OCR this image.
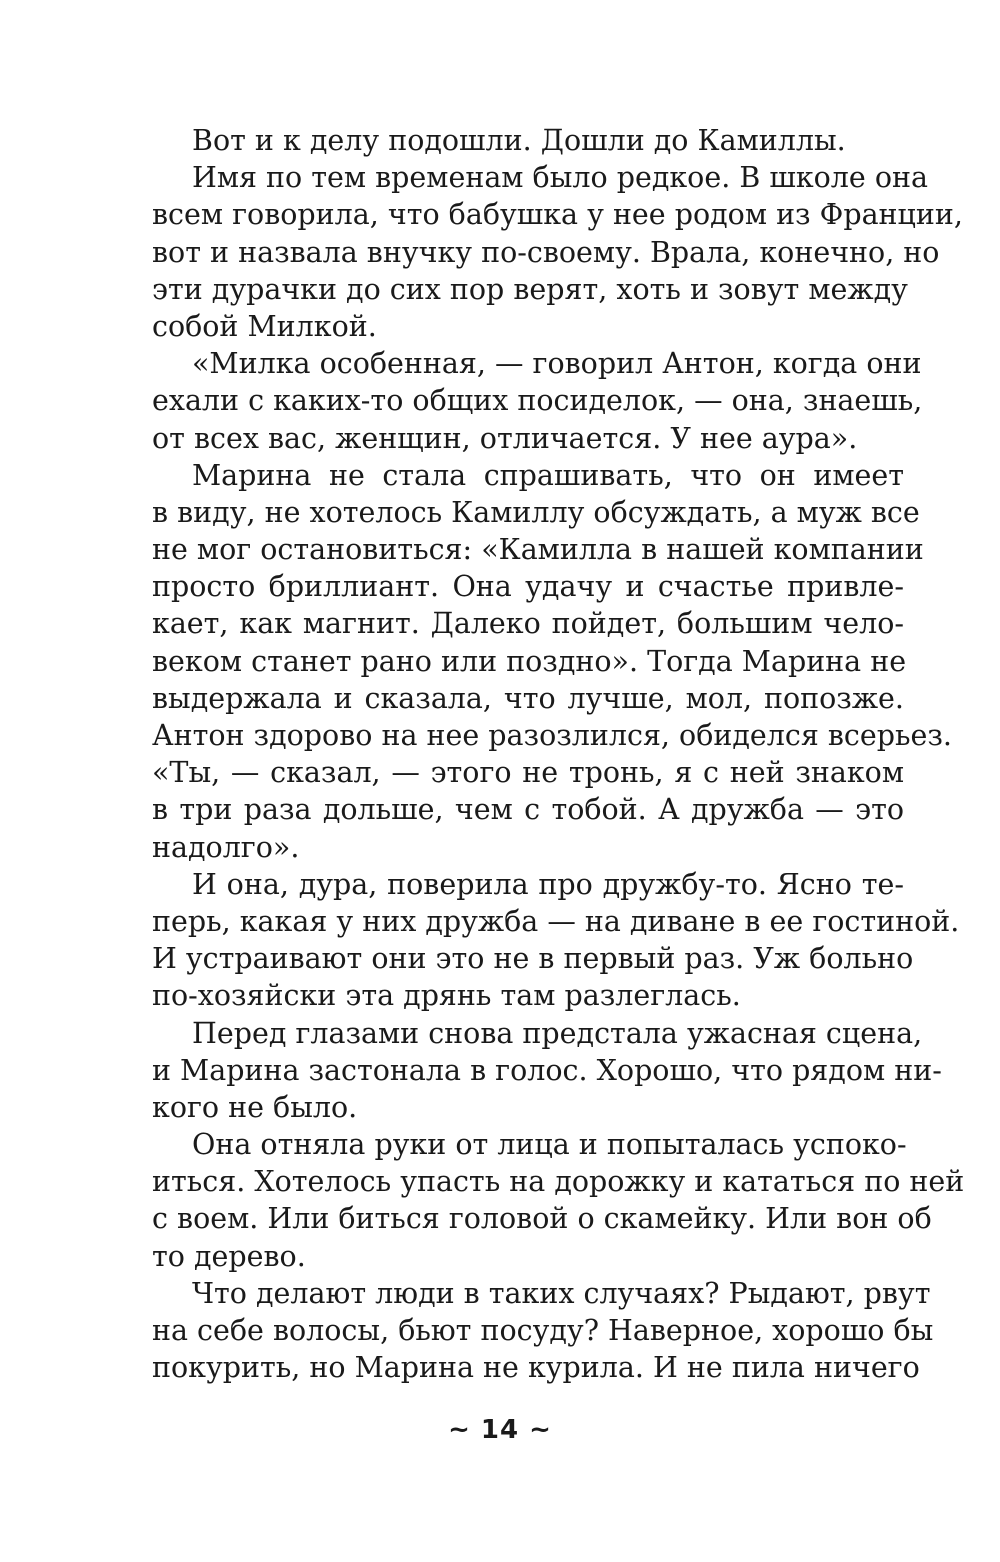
Вот и к делу подошли. Дошли до Камиллы.
Имя по тем временам было редкое. В школе она
всем говорила, что бабушка у нее родом из Франции,
вот и назвала внучку по-своему. Врала, конечно, но
эти дурачки до сих пор верят, хоть и зовут между
собой Милкой.
«Милка особенная, — говорил Антон, когда они
ехали с каких-то общих посиделок, — она, знаешь,
от всех вас, женщин, отличается. У нее аура».
Марина не стала спрашивать, что он имеет
в виду, не хотелось Камиллу обсуждать, а муж все
не мог остановиться: «Камилла в нашей компании
просто бриллиант. Она удачу и счастье привле-
кает, как магнит. Далеко пойдет, большим чело-
веком станет рано или поздно». Тогда Марина не
выдержала и сказала, что лучше, мол, попозже.
Антон здорово на нее разозлился, обиделся всерьез.
«Ты, — сказал, — этого не тронь, я с ней знаком
в три раза дольше, чем с тобой. А дружба — это
надолго».
И она, дура, поверила про дружбу-то. Ясно те-
перь, какая у них дружба — на диване в ее гостиной.
И устраивают они это не в первый раз. Уж больно
по-хозяйски эта дрянь там разлеглась.
Перед глазами снова предстала ужасная сцена,
и Марина застонала в голос. Хорошо, что рядом ни-
кого не было.
Она отняла руки от лица и попыталась успоко-
иться. Хотелось упасть на дорожку и кататься по ней
с воем. Или биться головой о скамейку. Или вон об
то дерево.
Что делают люди в таких случаях? Рыдают, рвут
на себе волосы, бьют посуду? Наверное, хорошо бы
покурить, но Марина не курила. И не пила ничего
~ 14 ~
